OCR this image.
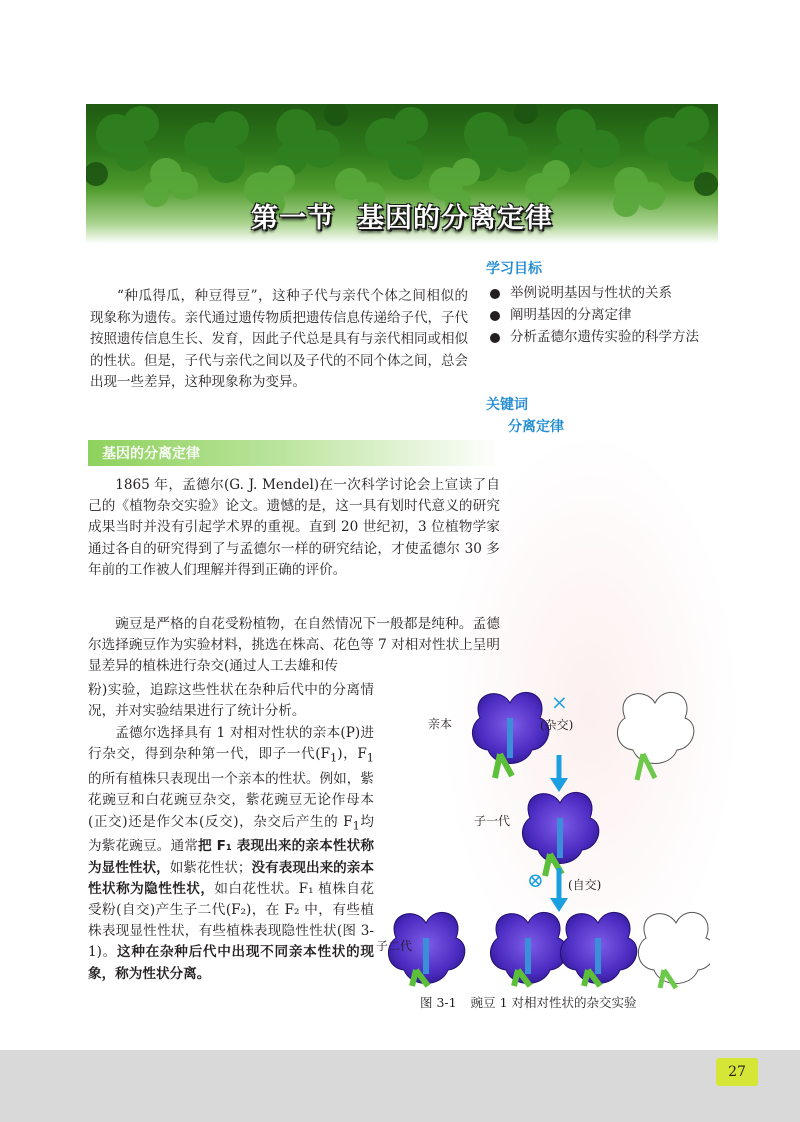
第一节 基因的分离定律
“种瓜得瓜，种豆得豆”，这种子代与亲代个体之间相似的现象称为遗传。亲代通过遗传物质把遗传信息传递给子代，子代按照遗传信息生长、发育，因此子代总是具有与亲代相同或相似的性状。但是，子代与亲代之间以及子代的不同个体之间，总会出现一些差异，这种现象称为变异。
学习目标
举例说明基因与性状的关系
阐明基因的分离定律
分析孟德尔遗传实验的科学方法
关键词
分离定律
基因的分离定律
1865 年，孟德尔(G. J. Mendel)在一次科学讨论会上宣读了自己的《植物杂交实验》论文。遗憾的是，这一具有划时代意义的研究成果当时并没有引起学术界的重视。直到 20 世纪初，3 位植物学家通过各自的研究得到了与孟德尔一样的研究结论，才使孟德尔 30 多年前的工作被人们理解并得到正确的评价。
豌豆是严格的自花受粉植物，在自然情况下一般都是纯种。孟德尔选择豌豆作为实验材料，挑选在株高、花色等 7 对相对性状上呈明显差异的植株进行杂交(通过人工去雄和传
粉)实验，追踪这些性状在杂种后代中的分离情况，并对实验结果进行了统计分析。
孟德尔选择具有 1 对相对性状的亲本(P)进行杂交，得到杂种第一代，即子一代$(F_1)$，$F_1$的所有植株只表现出一个亲本的性状。例如，紫花豌豆和白花豌豆杂交，紫花豌豆无论作母本(正交)还是作父本(反交)，杂交后产生的 $F_1$均为紫花豌豆。通常把 F₁ 表现出来的亲本性状称为显性性状，如紫花性状；没有表现出来的亲本性状称为隐性性状，如白花性状。F₁ 植株自花受粉(自交)产生子二代(F₂)，在 F₂ 中，有些植株表现显性性状，有些植株表现隐性性状(图 3-1)。这种在杂种后代中出现不同亲本性状的现象，称为性状分离。
亲本
×
(杂交)
子一代
⊗ (自交)
子二代
图 3-1 豌豆 1 对相对性状的杂交实验
27
